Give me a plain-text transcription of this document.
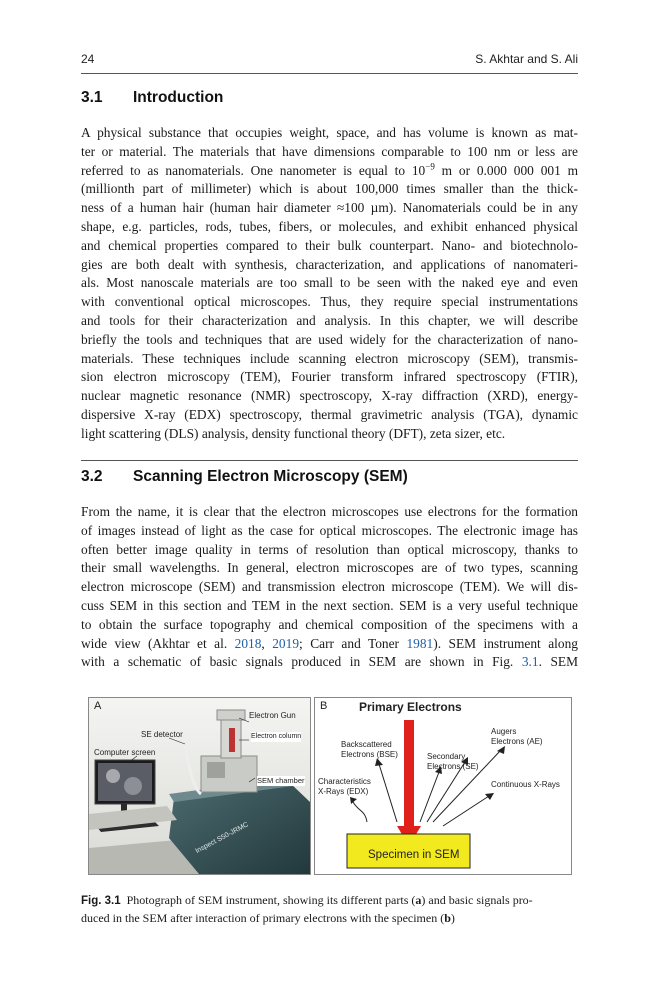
24	S. Akhtar and S. Ali
3.1 Introduction
A physical substance that occupies weight, space, and has volume is known as mat-
ter or material. The materials that have dimensions comparable to 100 nm or less are
referred to as nanomaterials. One nanometer is equal to $10^{-9}$ m or 0.000 000 001 m
(millionth part of millimeter) which is about 100,000 times smaller than the thick-
ness of a human hair (human hair diameter ≈100 µm). Nanomaterials could be in any
shape, e.g. particles, rods, tubes, fibers, or molecules, and exhibit enhanced physical
and chemical properties compared to their bulk counterpart. Nano- and biotechnolo-
gies are both dealt with synthesis, characterization, and applications of nanomateri-
als. Most nanoscale materials are too small to be seen with the naked eye and even
with conventional optical microscopes. Thus, they require special instrumentations
and tools for their characterization and analysis. In this chapter, we will describe
briefly the tools and techniques that are used widely for the characterization of nano-
materials. These techniques include scanning electron microscopy (SEM), transmis-
sion electron microscopy (TEM), Fourier transform infrared spectroscopy (FTIR),
nuclear magnetic resonance (NMR) spectroscopy, X-ray diffraction (XRD), energy-
dispersive X-ray (EDX) spectroscopy, thermal gravimetric analysis (TGA), dynamic
light scattering (DLS) analysis, density functional theory (DFT), zeta sizer, etc.
3.2 Scanning Electron Microscopy (SEM)
From the name, it is clear that the electron microscopes use electrons for the formation
of images instead of light as the case for optical microscopes. The electronic image has
often better image quality in terms of resolution than optical microscopy, thanks to
their small wavelengths. In general, electron microscopes are of two types, scanning
electron microscope (SEM) and transmission electron microscope (TEM). We will dis-
cuss SEM in this section and TEM in the next section. SEM is a very useful technique
to obtain the surface topography and chemical composition of the specimens with a
wide view (Akhtar et al. 2018, 2019; Carr and Toner 1981). SEM instrument along
with a schematic of basic signals produced in SEM are shown in Fig. 3.1. SEM
A
Electron Gun
SE detector	Electron column
Computer screen
SEM chamber
Inspect S50-JRMC
B	Primary Electrons
Augers
Electrons (AE)
Backscattered
Electrons (BSE)	Secondary
Electrons (SE)
Characteristics
X-Rays (EDX)
Continuous X-Rays
Specimen in SEM
Fig. 3.1 Photograph of SEM instrument, showing its different parts (a) and basic signals pro-
duced in the SEM after interaction of primary electrons with the specimen (b)
